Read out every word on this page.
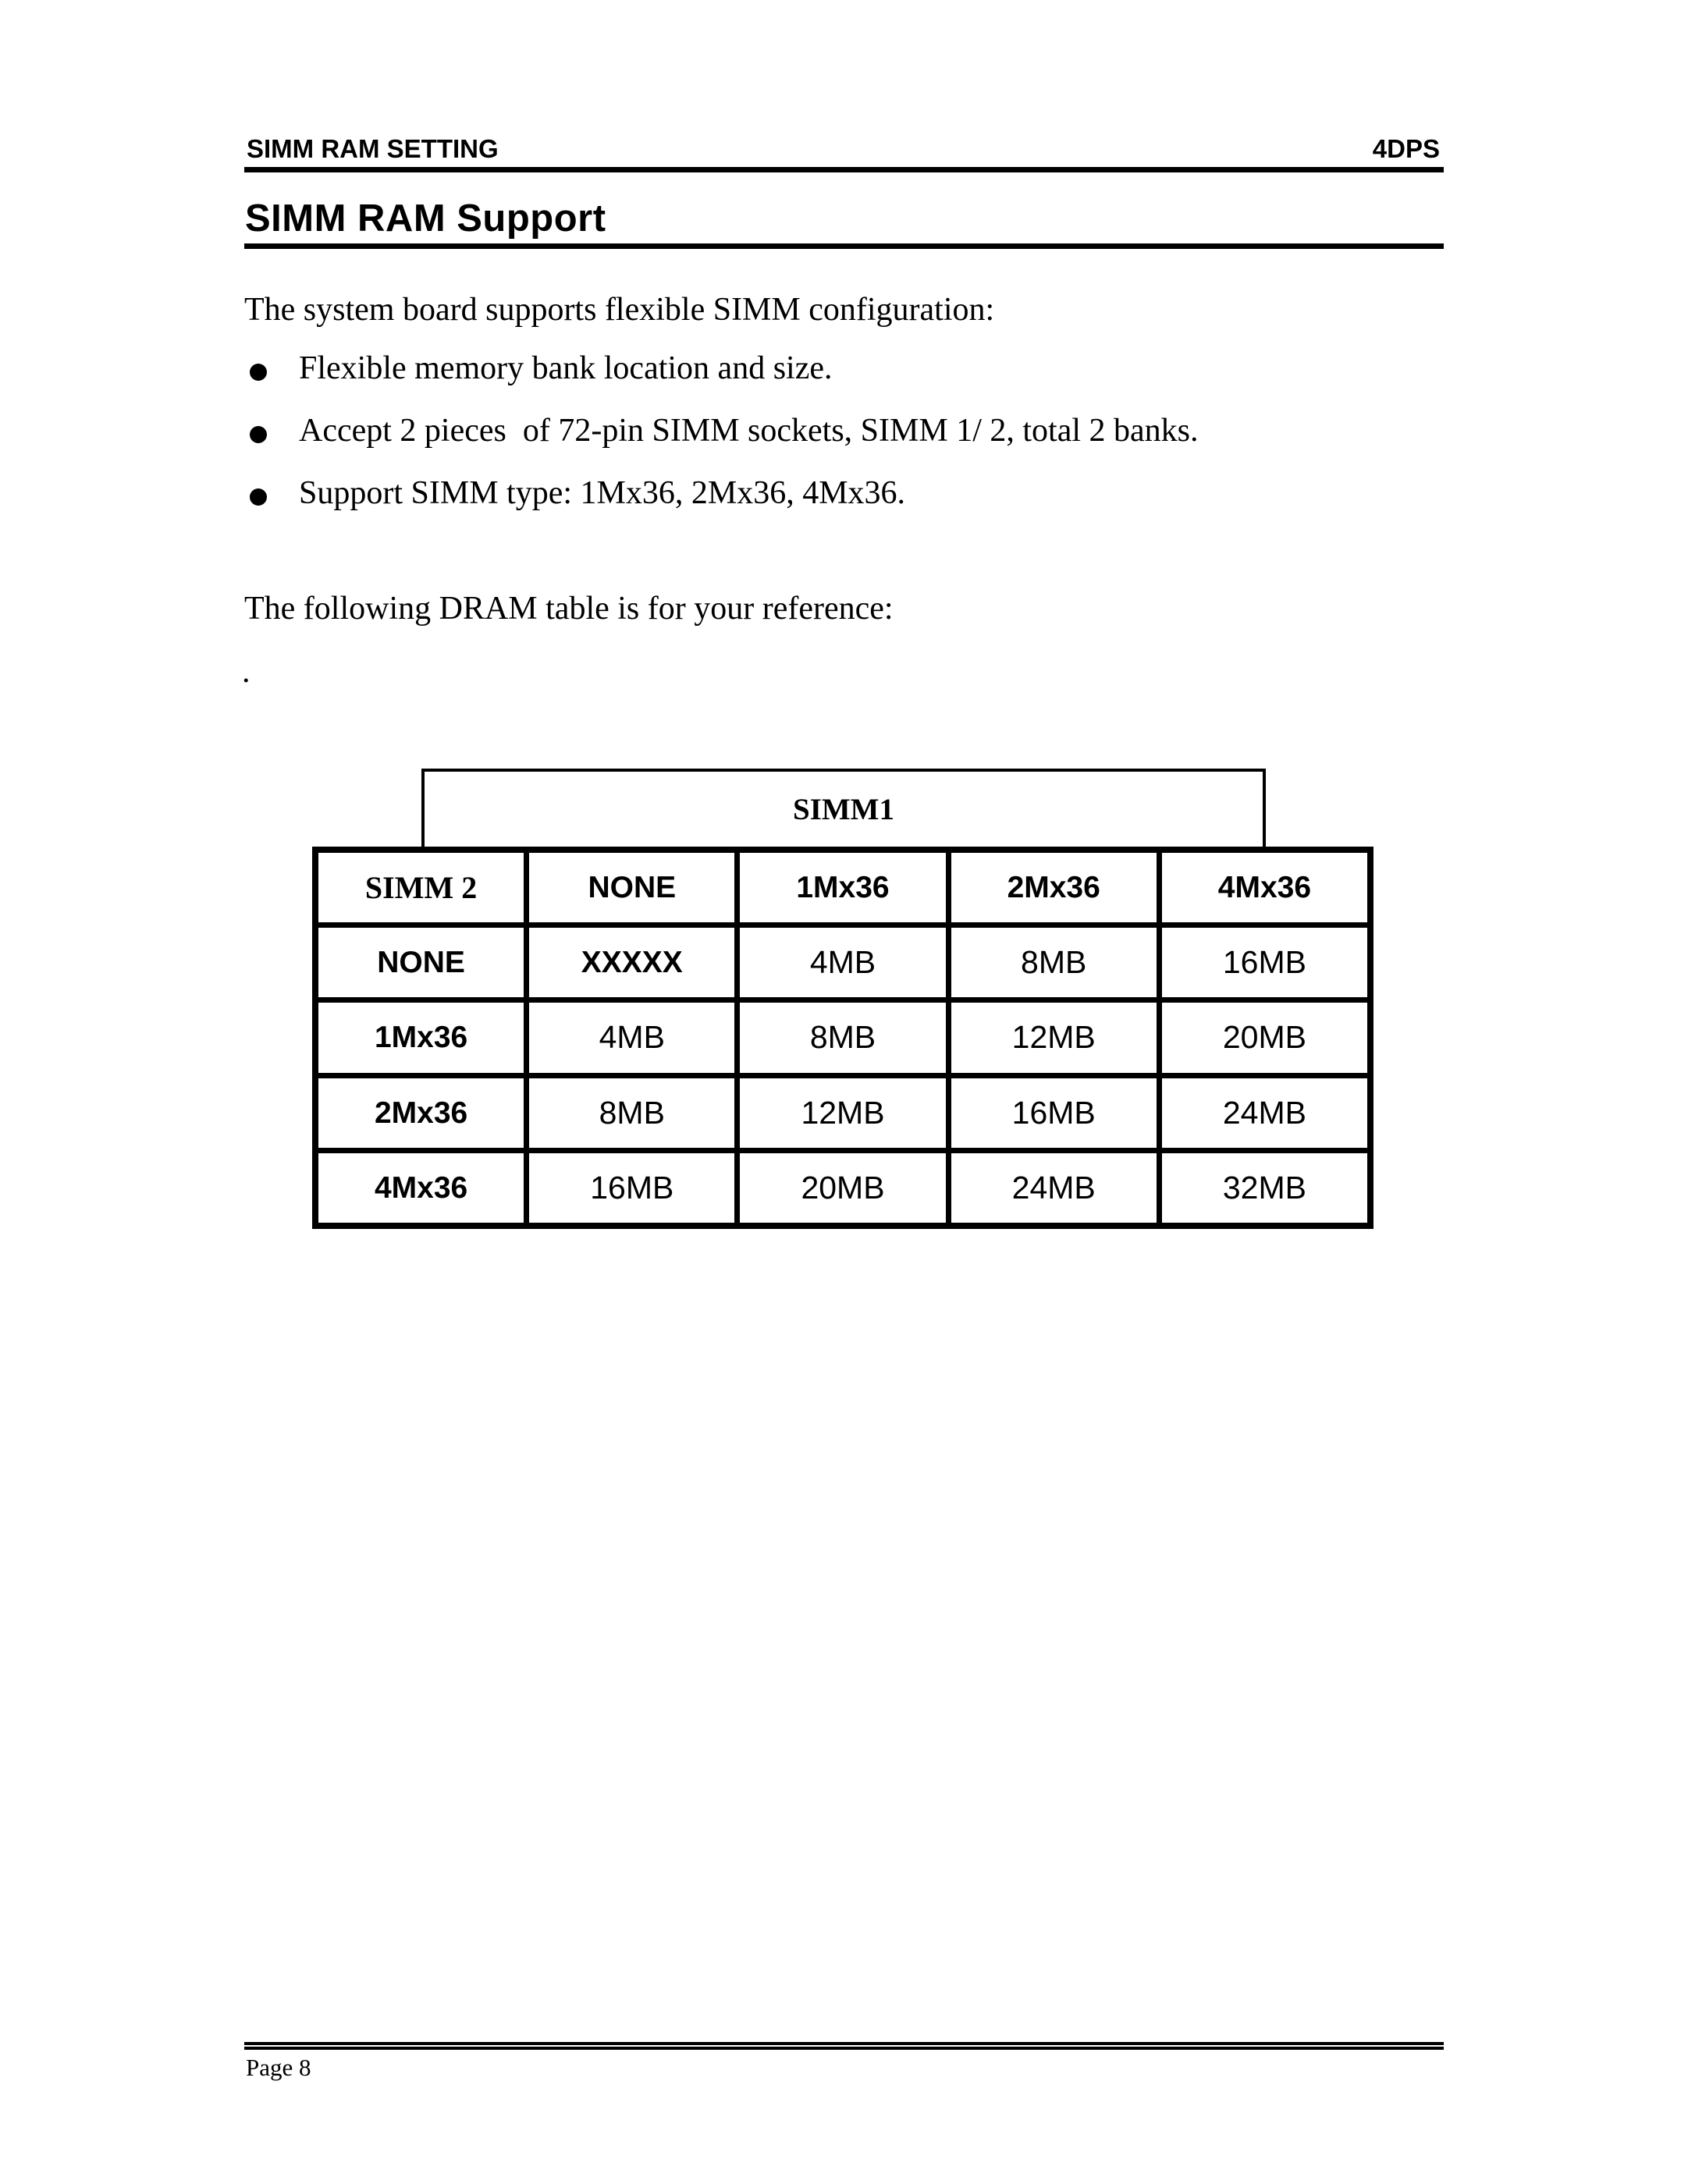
SIMM RAM SETTING	4DPS
SIMM RAM Support
The system board supports flexible SIMM configuration:
Flexible memory bank location and size.
Accept 2 pieces  of 72-pin SIMM sockets, SIMM 1/ 2, total 2 banks.
Support SIMM type: 1Mx36, 2Mx36, 4Mx36.
The following DRAM table is for your reference:
.
SIMM1
SIMM 2	NONE	1Mx36	2Mx36	4Mx36
NONE	XXXXX	4MB	8MB	16MB
1Mx36	4MB	8MB	12MB	20MB
2Mx36	8MB	12MB	16MB	24MB
4Mx36	16MB	20MB	24MB	32MB
Page 8
